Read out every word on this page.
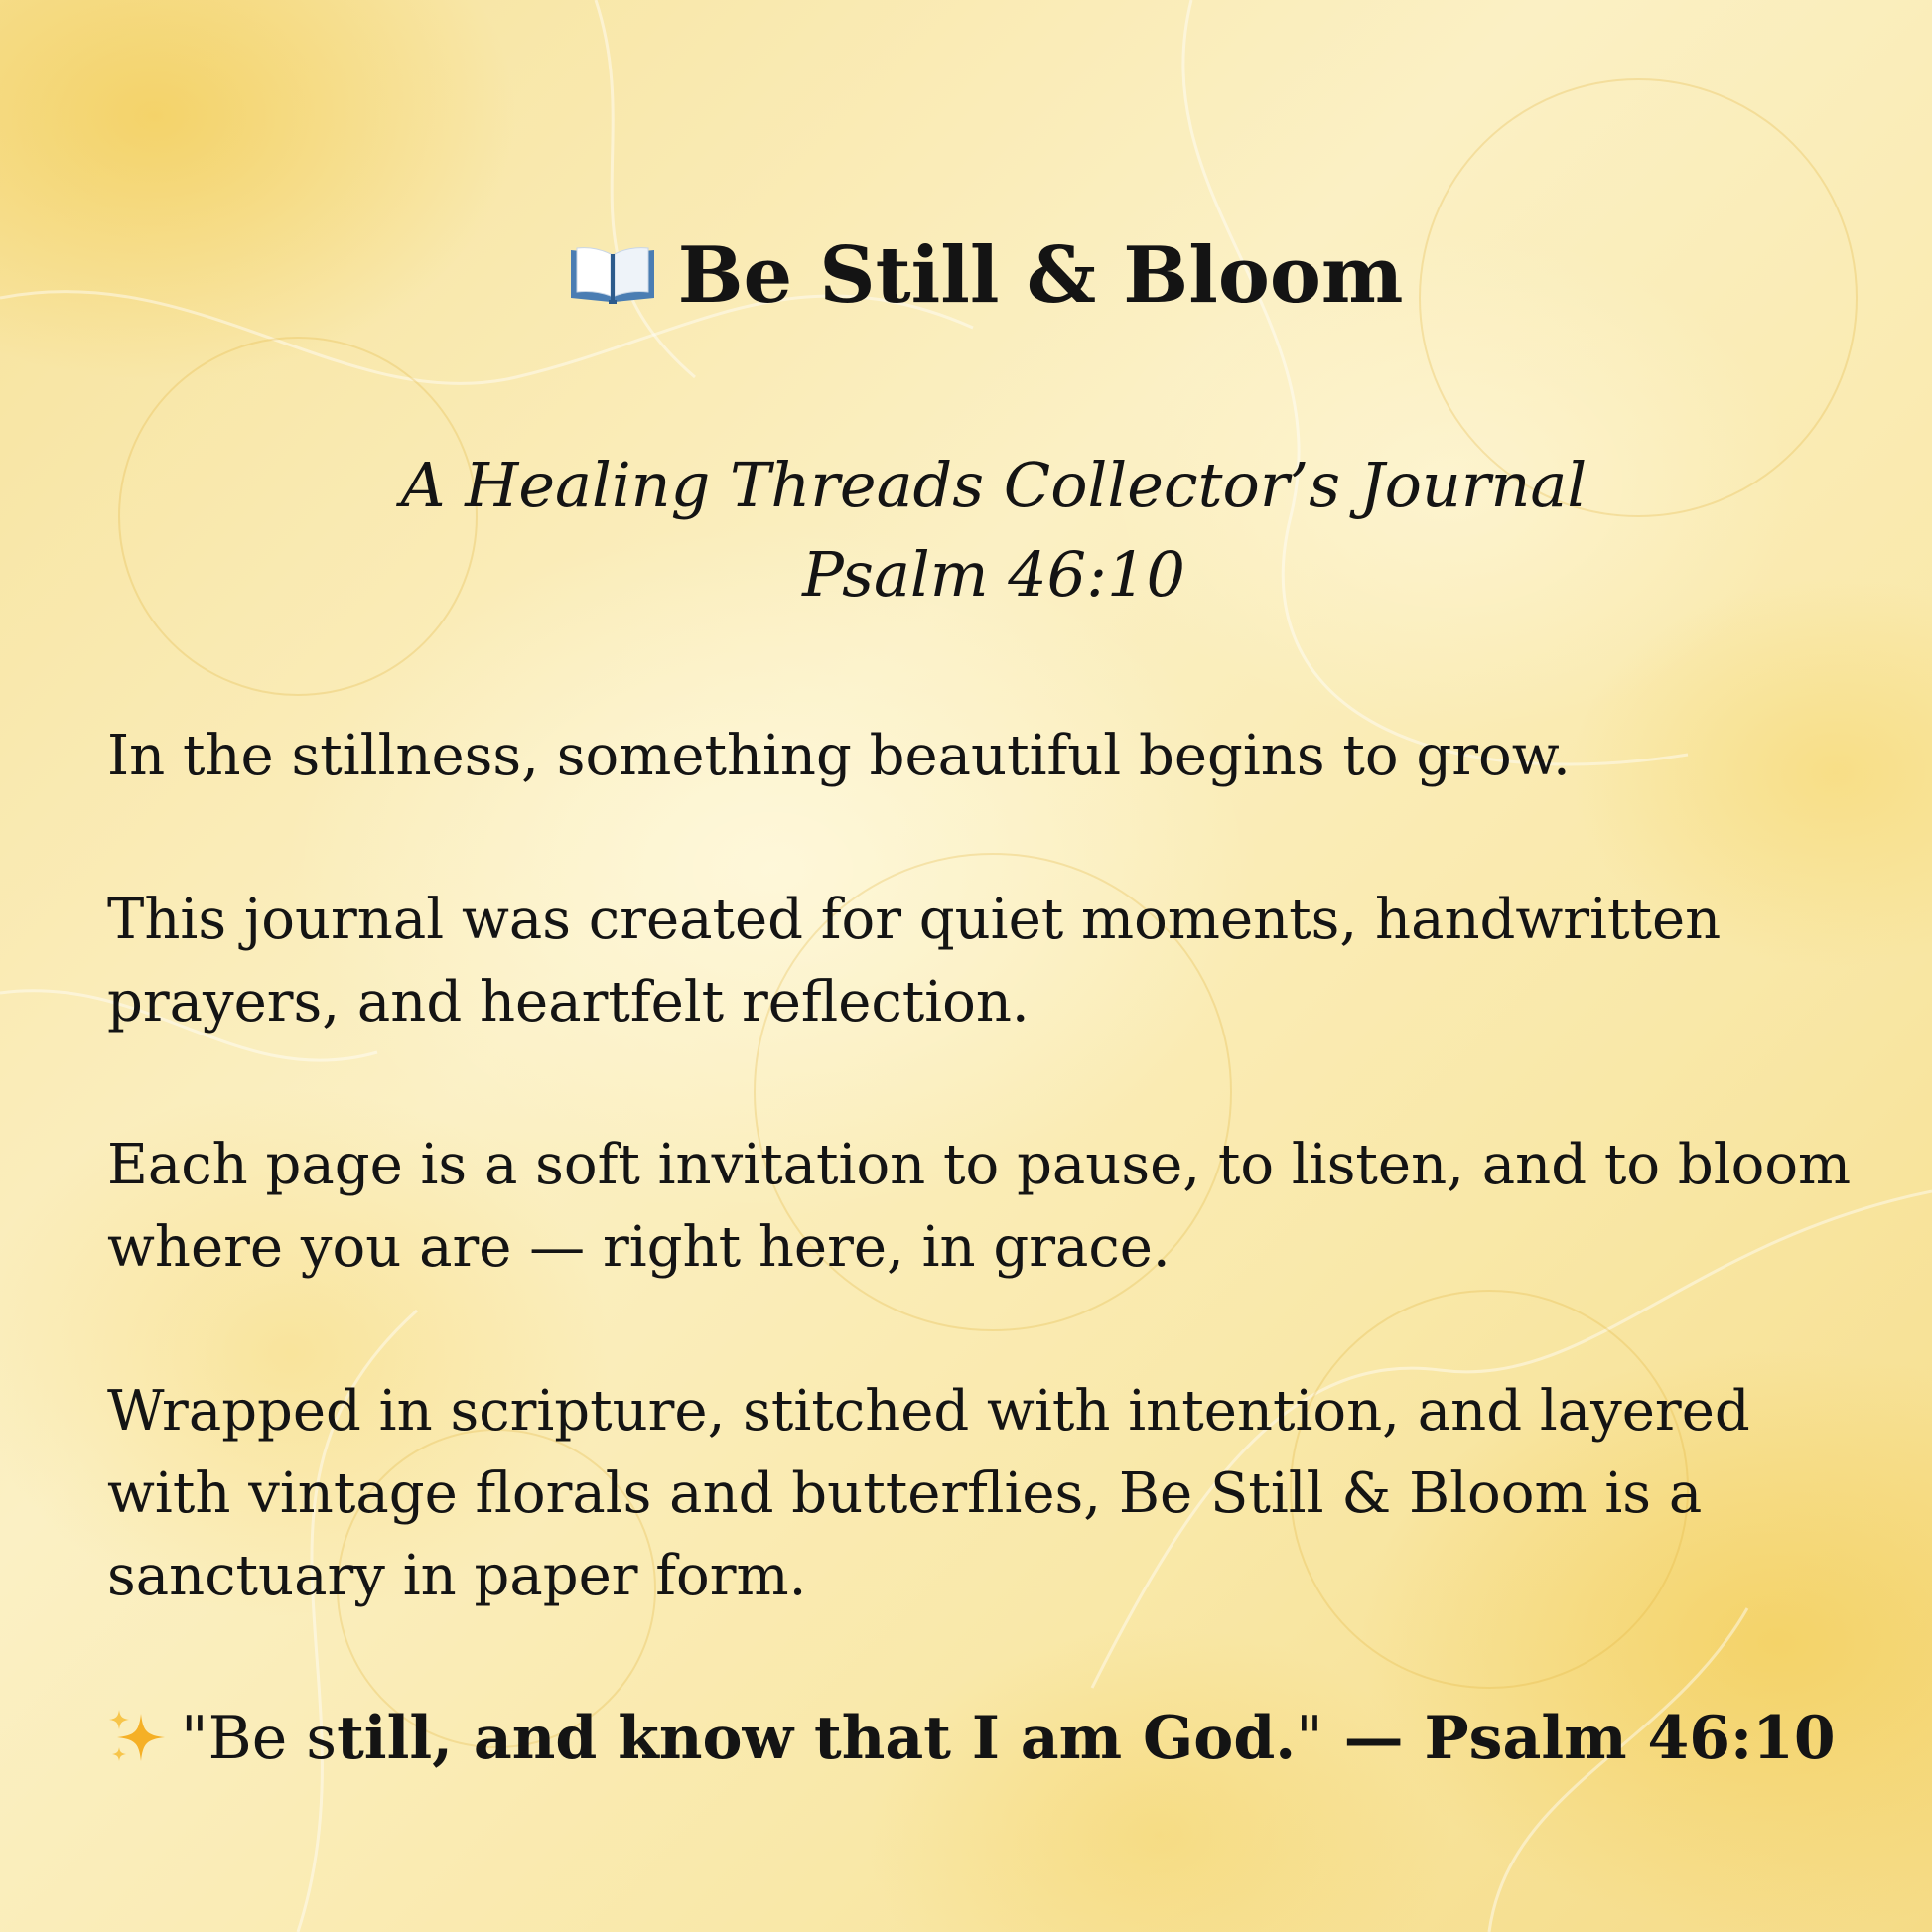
Be Still & Bloom
A Healing Threads Collector’s Journal
Psalm 46:10

In the stillness, something beautiful begins to grow.

This journal was created for quiet moments, handwritten prayers, and heartfelt reflection.

Each page is a soft invitation to pause, to listen, and to bloom where you are — right here, in grace.

Wrapped in scripture, stitched with intention, and layered with vintage florals and butterflies, Be Still & Bloom is a sanctuary in paper form.

"Be still, and know that I am God." — Psalm 46:10
